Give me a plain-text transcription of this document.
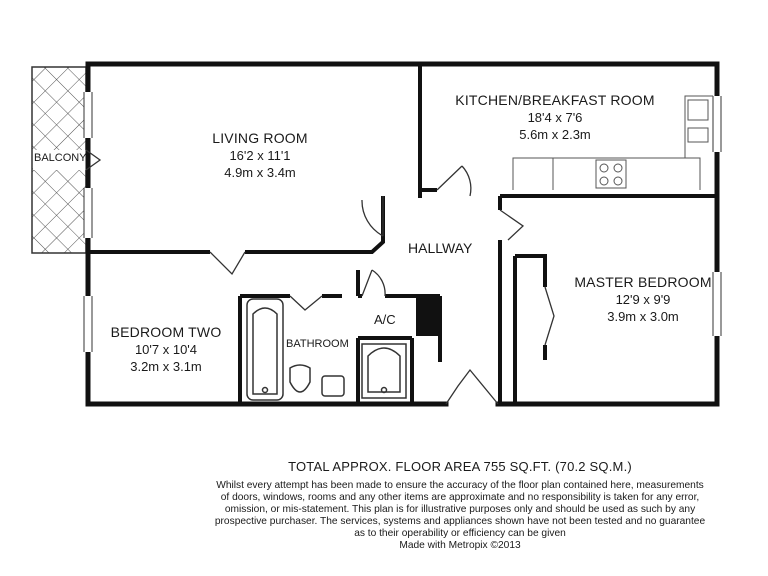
LIVING ROOM
16'2 x 11'1
4.9m x 3.4m
KITCHEN/BREAKFAST ROOM
18'4 x 7'6
5.6m x 2.3m
MASTER BEDROOM
12'9 x 9'9
3.9m x 3.0m
BEDROOM TWO
10'7 x 10'4
3.2m x 3.1m
BALCONY
HALLWAY
A/C
BATHROOM
TOTAL APPROX. FLOOR AREA 755 SQ.FT. (70.2 SQ.M.)
Whilst every attempt has been made to ensure the accuracy of the floor plan contained here, measurements
of doors, windows, rooms and any other items are approximate and no responsibility is taken for any error,
omission, or mis-statement. This plan is for illustrative purposes only and should be used as such by any
prospective purchaser. The services, systems and appliances shown have not been tested and no guarantee
as to their operability or efficiency can be given
Made with Metropix ©2013
